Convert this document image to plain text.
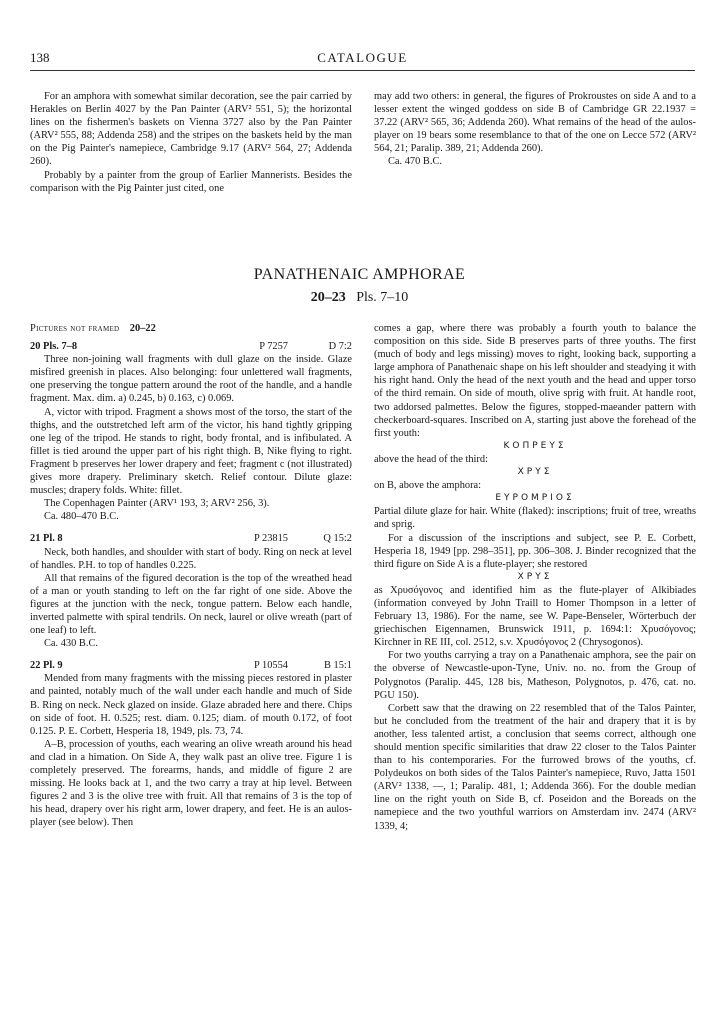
138	CATALOGUE

For an amphora with somewhat similar decoration, see the pair carried by Herakles on Berlin 4027 by the Pan Painter (ARV² 551, 5); the horizontal lines on the fishermen's baskets on Vienna 3727 also by the Pan Painter (ARV² 555, 88; Addenda 258) and the stripes on the baskets held by the man on the Pig Painter's namepiece, Cambridge 9.17 (ARV² 564, 27; Addenda 260).

Probably by a painter from the group of Earlier Mannerists. Besides the comparison with the Pig Painter just cited, one

may add two others: in general, the figures of Prokroustes on side A and to a lesser extent the winged goddess on side B of Cambridge GR 22.1937 = 37.22 (ARV² 565, 36; Addenda 260). What remains of the head of the aulos-player on 19 bears some resemblance to that of the one on Lecce 572 (ARV² 564, 21; Paralip. 389, 21; Addenda 260).

Ca. 470 B.C.

PANATHENAIC AMPHORAE
20–23 Pls. 7–10

Pictures not framed 20–22

20 Pls. 7–8	P 7257	D 7:2

Three non-joining wall fragments with dull glaze on the inside. Glaze misfired greenish in places. Also belonging: four unlettered wall fragments, one preserving the tongue pattern around the root of the handle, and a handle fragment. Max. dim. a) 0.245, b) 0.163, c) 0.069.

A, victor with tripod. Fragment a shows most of the torso, the start of the thighs, and the outstretched left arm of the victor, his hand tightly gripping one leg of the tripod. He stands to right, body frontal, and is infibulated. A fillet is tied around the upper part of his right thigh. B, Nike flying to right. Fragment b preserves her lower drapery and feet; fragment c (not illustrated) gives more drapery. Preliminary sketch. Relief contour. Dilute glaze: muscles; drapery folds. White: fillet.

The Copenhagen Painter (ARV¹ 193, 3; ARV² 256, 3).

Ca. 480–470 B.C.

21 Pl. 8	P 23815	Q 15:2

Neck, both handles, and shoulder with start of body. Ring on neck at level of handles. P.H. to top of handles 0.225.

All that remains of the figured decoration is the top of the wreathed head of a man or youth standing to left on the far right of one side. Above the figures at the junction with the neck, tongue pattern. Below each handle, inverted palmette with spiral tendrils. On neck, laurel or olive wreath (part of one leaf) to left.

Ca. 430 B.C.

22 Pl. 9	P 10554	B 15:1

Mended from many fragments with the missing pieces restored in plaster and painted, notably much of the wall under each handle and much of Side B. Ring on neck. Neck glazed on inside. Glaze abraded here and there. Chips on side of foot. H. 0.525; rest. diam. 0.125; diam. of mouth 0.172, of foot 0.125. P. E. Corbett, Hesperia 18, 1949, pls. 73, 74.

A–B, procession of youths, each wearing an olive wreath around his head and clad in a himation. On Side A, they walk past an olive tree. Figure 1 is completely preserved. The forearms, hands, and middle of figure 2 are missing. He looks back at 1, and the two carry a tray at hip level. Between figures 2 and 3 is the olive tree with fruit. All that remains of 3 is the top of his head, drapery over his right arm, lower drapery, and feet. He is an aulos-player (see below). Then

comes a gap, where there was probably a fourth youth to balance the composition on this side. Side B preserves parts of three youths. The first (much of body and legs missing) moves to right, looking back, supporting a large amphora of Panathenaic shape on his left shoulder and steadying it with his right hand. Only the head of the next youth and the head and upper torso of the third remain. On side of mouth, olive sprig with fruit. At handle root, two addorsed palmettes. Below the figures, stopped-maeander pattern with checkerboard-squares. Inscribed on A, starting just above the forehead of the first youth:

ΚΟΠΡΕΥΣ

above the head of the third:

ΧΡΥΣ

on B, above the amphora:

ΕΥΡΟΜΡΙΟΣ

Partial dilute glaze for hair. White (flaked): inscriptions; fruit of tree, wreaths and sprig.

For a discussion of the inscriptions and subject, see P. E. Corbett, Hesperia 18, 1949 [pp. 298–351], pp. 306–308. J. Binder recognized that the third figure on Side A is a flute-player; she restored

ΧΡΥΣ

as Χρυσόγονος and identified him as the flute-player of Alkibiades (information conveyed by John Traill to Homer Thompson in a letter of February 13, 1986). For the name, see W. Pape-Benseler, Wörterbuch der griechischen Eigennamen, Brunswick 1911, p. 1694:1: Χρυσόγονος; Kirchner in RE III, col. 2512, s.v. Χρυσόγονος 2 (Chrysogonos).

For two youths carrying a tray on a Panathenaic amphora, see the pair on the obverse of Newcastle-upon-Tyne, Univ. no. no. from the Group of Polygnotos (Paralip. 445, 128 bis, Matheson, Polygnotos, p. 476, cat. no. PGU 150).

Corbett saw that the drawing on 22 resembled that of the Talos Painter, but he concluded from the treatment of the hair and drapery that it is by another, less talented artist, a conclusion that seems correct, although one should mention specific similarities that draw 22 closer to the Talos Painter than to his contemporaries. For the furrowed brows of the youths, cf. Polydeukos on both sides of the Talos Painter's namepiece, Ruvo, Jatta 1501 (ARV² 1338, —, 1; Paralip. 481, 1; Addenda 366). For the double median line on the right youth on Side B, cf. Poseidon and the Boreads on the namepiece and the two youthful warriors on Amsterdam inv. 2474 (ARV² 1339, 4;
